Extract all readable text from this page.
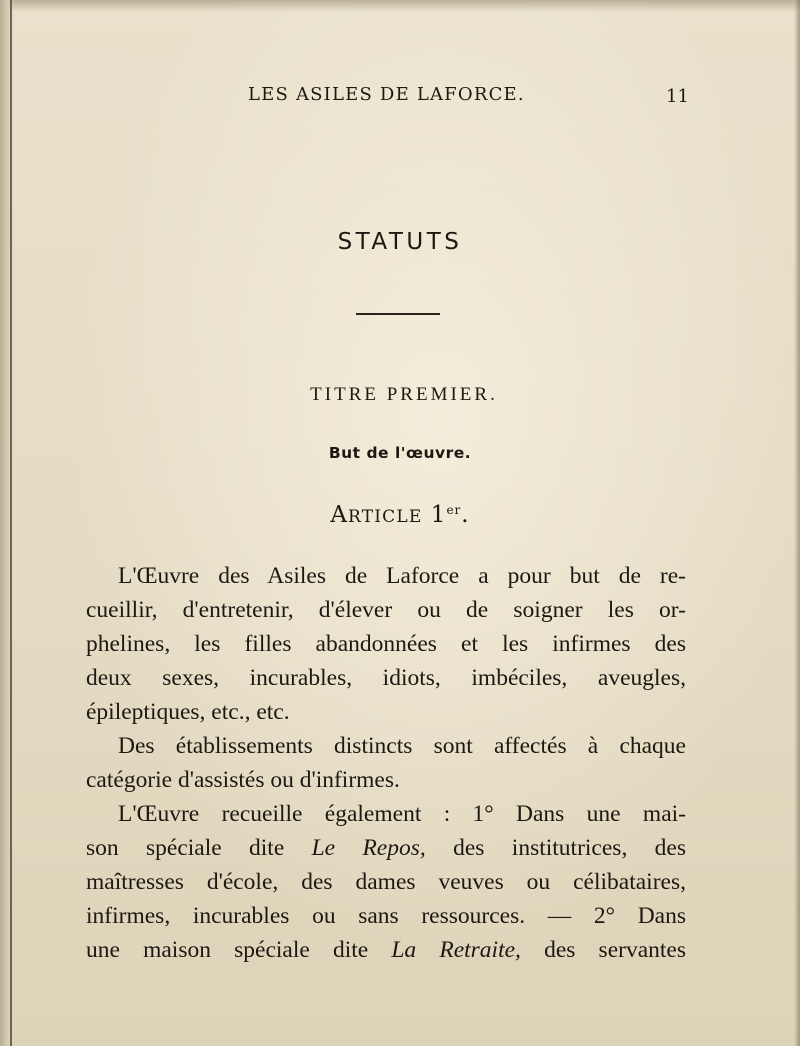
LES ASILES DE LAFORCE.	11
STATUTS
TITRE PREMIER.
But de l'œuvre.
ARTICLE 1er.
L'Œuvre des Asiles de Laforce a pour but de re-
cueillir, d'entretenir, d'élever ou de soigner les or-
phelines, les filles abandonnées et les infirmes des
deux sexes, incurables, idiots, imbéciles, aveugles,
épileptiques, etc., etc.
Des établissements distincts sont affectés à chaque
catégorie d'assistés ou d'infirmes.
L'Œuvre recueille également : 1° Dans une mai-
son spéciale dite Le Repos, des institutrices, des
maîtresses d'école, des dames veuves ou célibataires,
infirmes, incurables ou sans ressources. — 2° Dans
une maison spéciale dite La Retraite, des servantes
